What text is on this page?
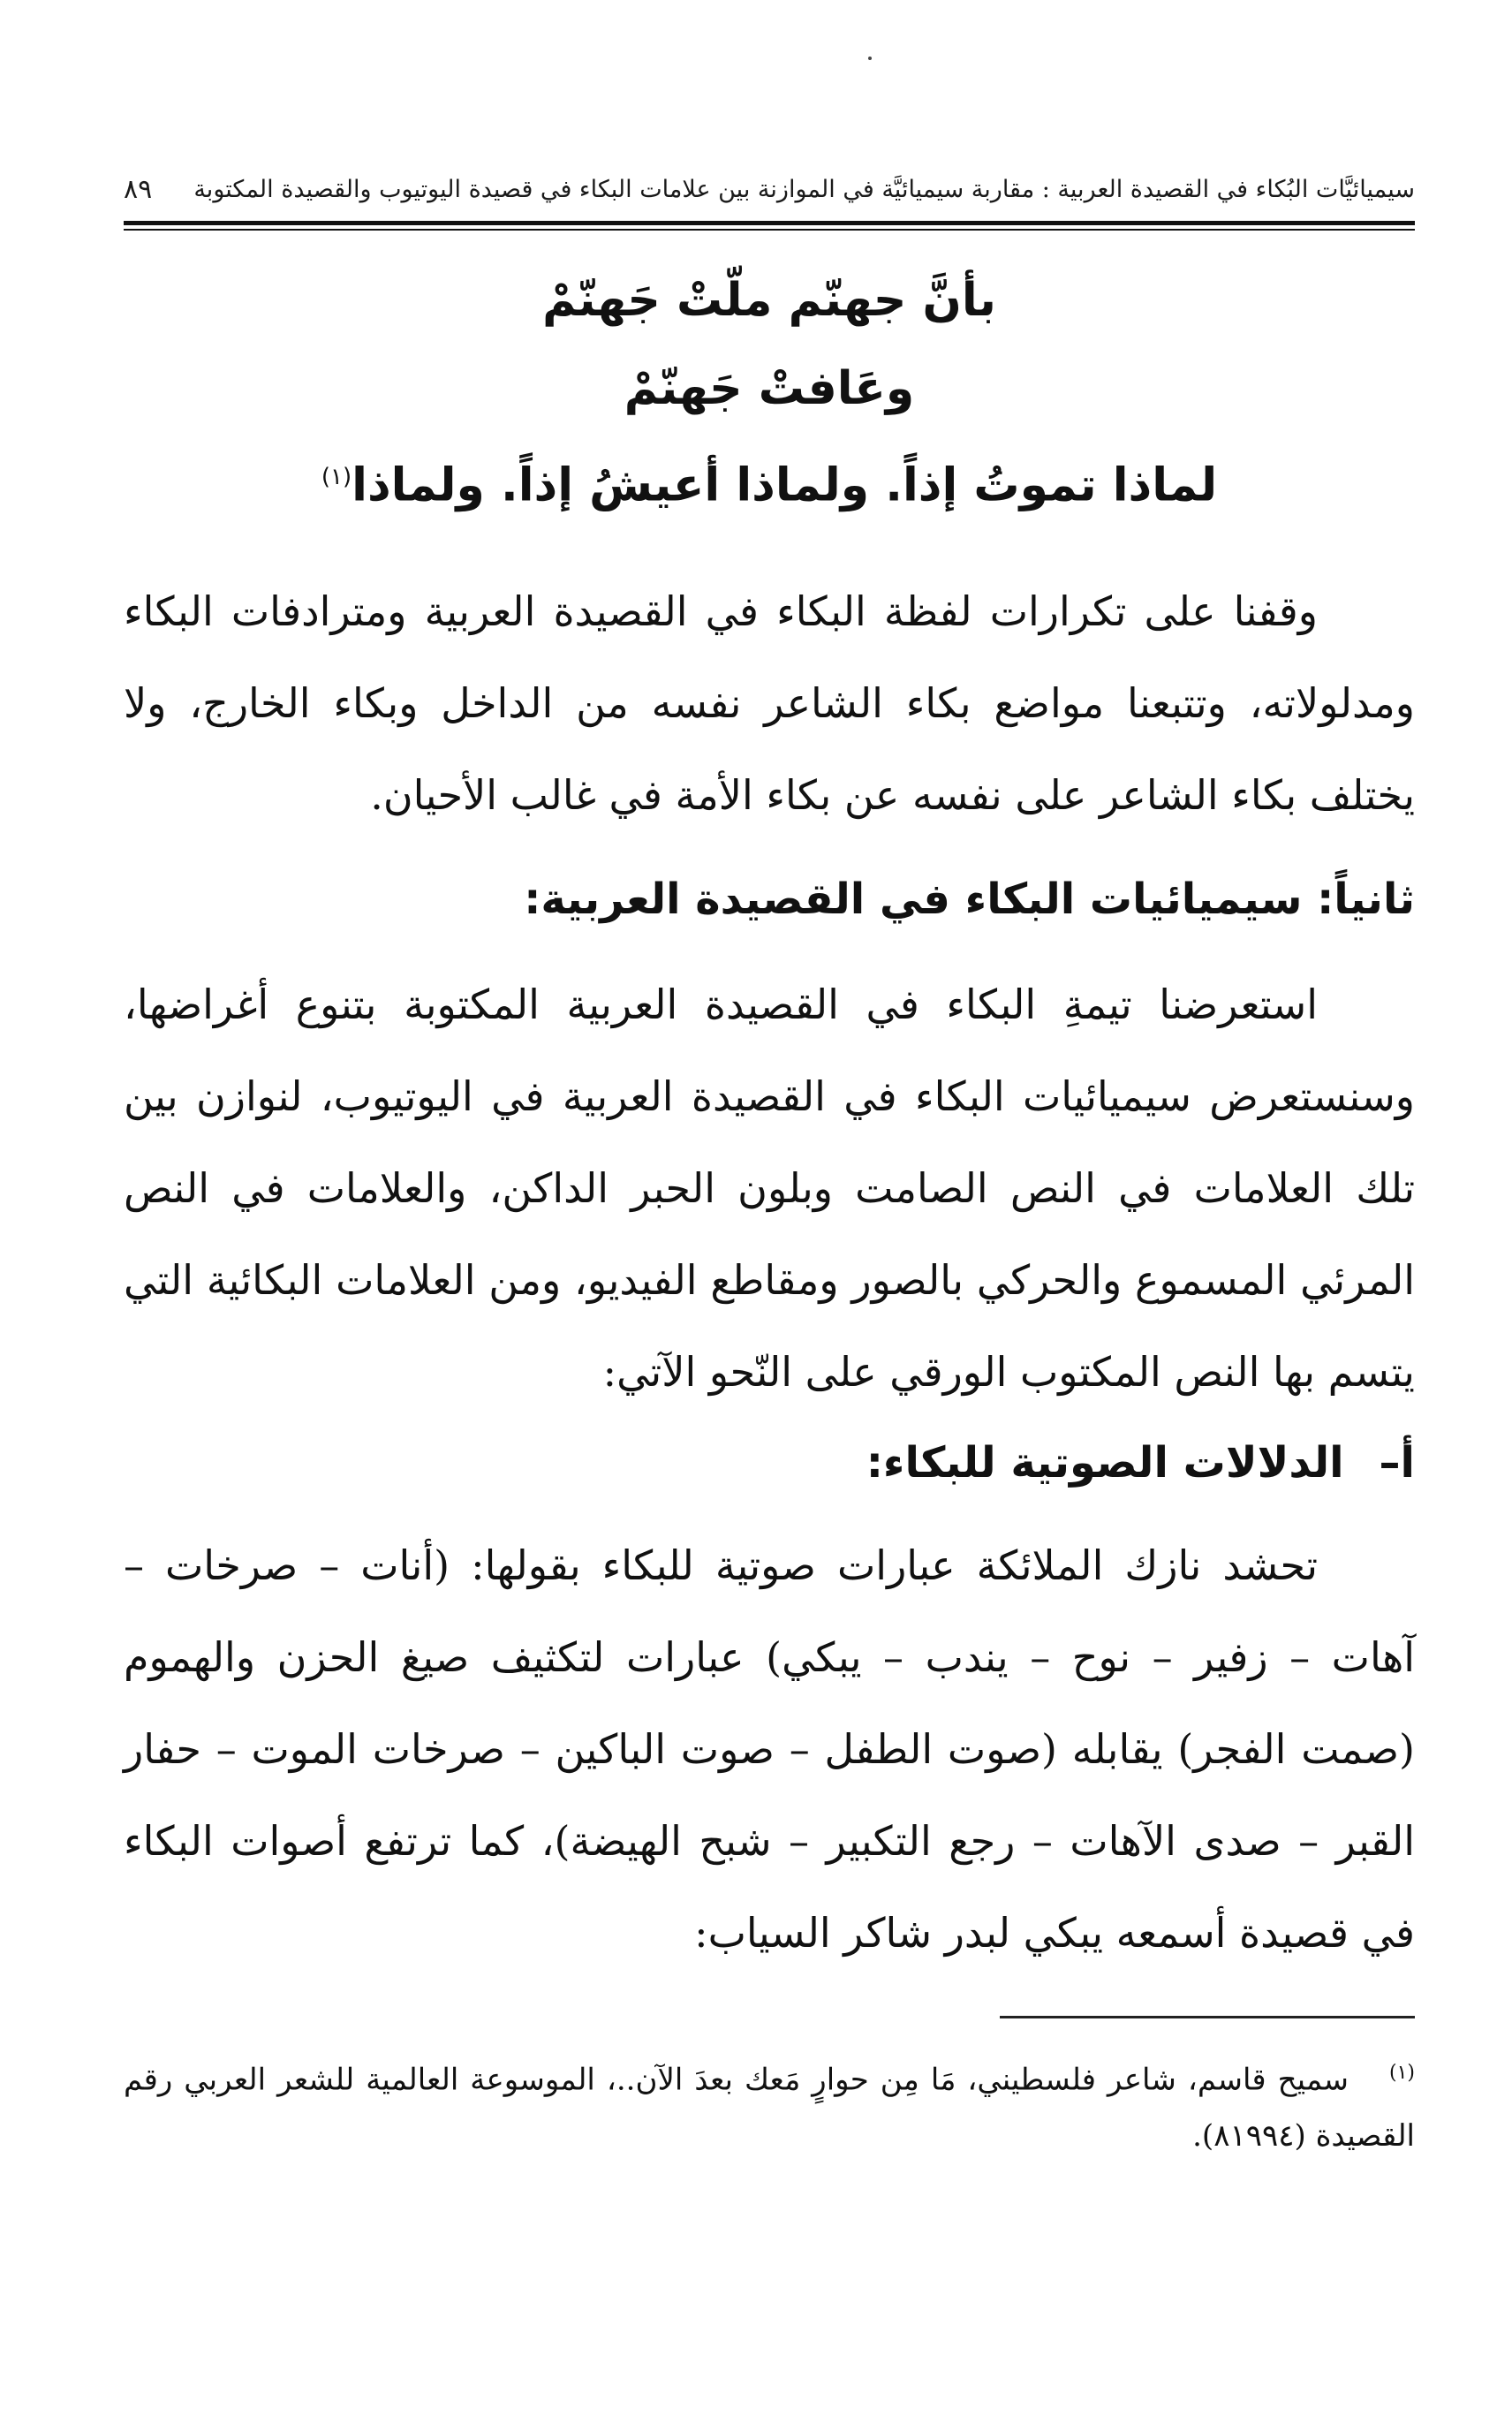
سيميائيَّات البُكاء في القصيدة العربية : مقاربة سيميائيَّة في الموازنة بين علامات البكاء في قصيدة اليوتيوب والقصيدة المكتوبة
٨٩
بأنَّ جهنّم ملّتْ جَهنّمْ
وعَافتْ جَهنّمْ
لماذا تموتُ إذاً. ولماذا أعيشُ إذاً. ولماذا$^{(١)}$

وقفنا على تكرارات لفظة البكاء في القصيدة العربية ومترادفات البكاء ومدلولاته، وتتبعنا مواضع بكاء الشاعر نفسه من الداخل وبكاء الخارج، ولا يختلف بكاء الشاعر على نفسه عن بكاء الأمة في غالب الأحيان.

ثانياً: سيميائيات البكاء في القصيدة العربية:

استعرضنا تيمةِ البكاء في القصيدة العربية المكتوبة بتنوع أغراضها، وسنستعرض سيميائيات البكاء في القصيدة العربية في اليوتيوب، لنوازن بين تلك العلامات في النص الصامت وبلون الحبر الداكن، والعلامات في النص المرئي المسموع والحركي بالصور ومقاطع الفيديو، ومن العلامات البكائية التي يتسم بها النص المكتوب الورقي على النّحو الآتي:

أ–الدلالات الصوتية للبكاء:

تحشد نازك الملائكة عبارات صوتية للبكاء بقولها: (أنات – صرخات – آهات – زفير – نوح – يندب – يبكي) عبارات لتكثيف صيغ الحزن والهموم (صمت الفجر) يقابله (صوت الطفل – صوت الباكين – صرخات الموت – حفار القبر – صدى الآهات – رجع التكبير – شبح الهيضة)، كما ترتفع أصوات البكاء في قصيدة أسمعه يبكي لبدر شاكر السياب:

(١)سميح قاسم، شاعر فلسطيني، مَا مِن حوارٍ مَعك بعدَ الآن..، الموسوعة العالمية للشعر العربي رقم القصيدة (٨١٩٩٤).
